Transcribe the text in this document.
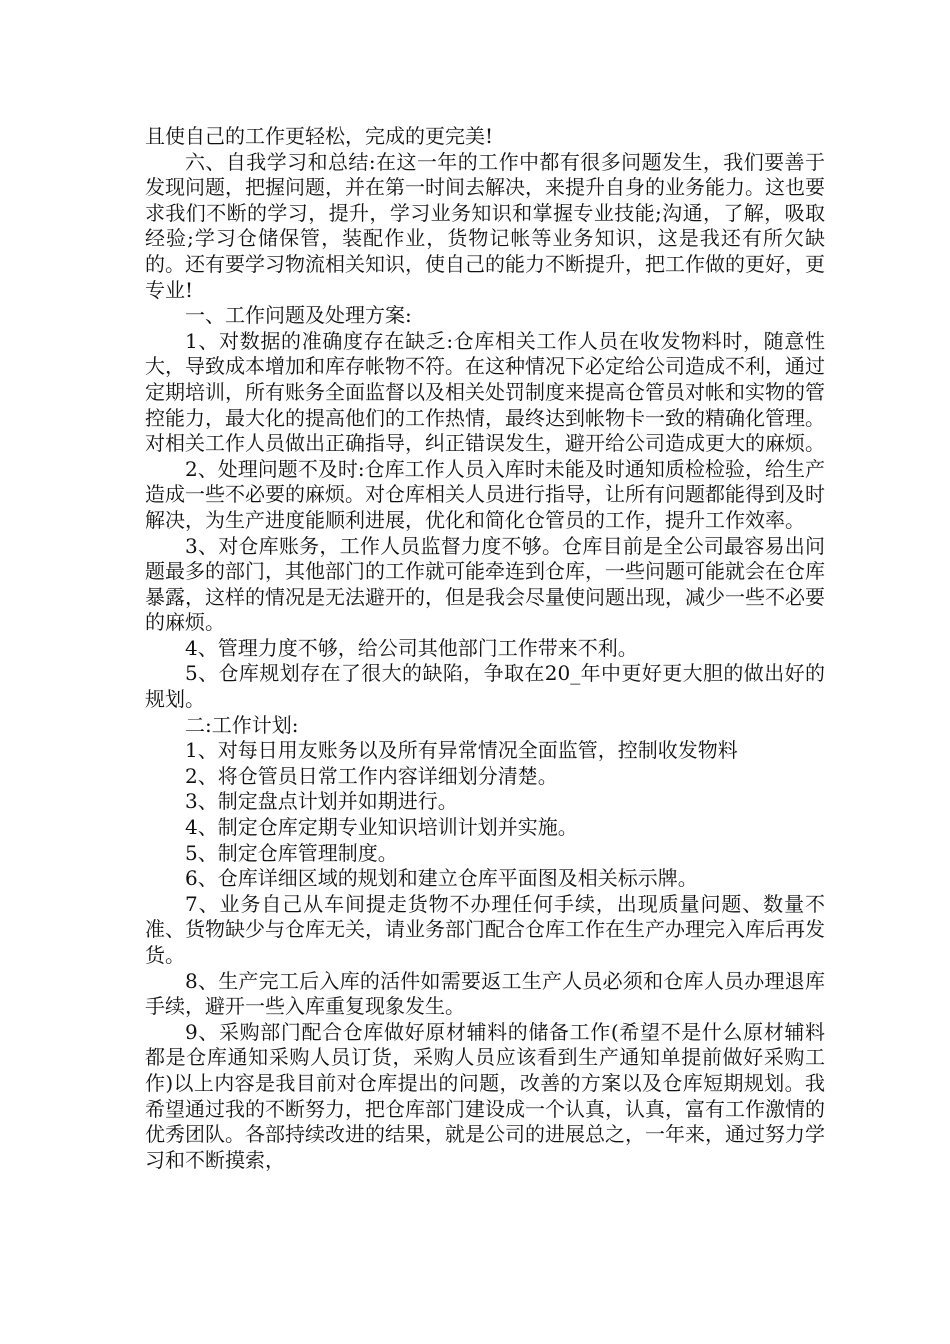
且使自己的工作更轻松，完成的更完美!

六、自我学习和总结:在这一年的工作中都有很多问题发生，我们要善于发现问题，把握问题，并在第一时间去解决，来提升自身的业务能力。这也要求我们不断的学习，提升，学习业务知识和掌握专业技能;沟通，了解，吸取经验;学习仓储保管，装配作业，货物记帐等业务知识，这是我还有所欠缺的。还有要学习物流相关知识，使自己的能力不断提升，把工作做的更好，更专业!

一、工作问题及处理方案:

1、对数据的准确度存在缺乏:仓库相关工作人员在收发物料时，随意性大，导致成本增加和库存帐物不符。在这种情况下必定给公司造成不利，通过定期培训，所有账务全面监督以及相关处罚制度来提高仓管员对帐和实物的管控能力，最大化的提高他们的工作热情，最终达到帐物卡一致的精确化管理。对相关工作人员做出正确指导，纠正错误发生，避开给公司造成更大的麻烦。

2、处理问题不及时:仓库工作人员入库时未能及时通知质检检验，给生产造成一些不必要的麻烦。对仓库相关人员进行指导，让所有问题都能得到及时解决，为生产进度能顺利进展，优化和简化仓管员的工作，提升工作效率。

3、对仓库账务，工作人员监督力度不够。仓库目前是全公司最容易出问题最多的部门，其他部门的工作就可能牵连到仓库，一些问题可能就会在仓库暴露，这样的情况是无法避开的，但是我会尽量使问题出现，减少一些不必要的麻烦。

4、管理力度不够，给公司其他部门工作带来不利。

5、仓库规划存在了很大的缺陷，争取在20_年中更好更大胆的做出好的规划。

二:工作计划:

1、对每日用友账务以及所有异常情况全面监管，控制收发物料

2、将仓管员日常工作内容详细划分清楚。

3、制定盘点计划并如期进行。

4、制定仓库定期专业知识培训计划并实施。

5、制定仓库管理制度。

6、仓库详细区域的规划和建立仓库平面图及相关标示牌。

7、业务自己从车间提走货物不办理任何手续，出现质量问题、数量不准、货物缺少与仓库无关，请业务部门配合仓库工作在生产办理完入库后再发货。

8、生产完工后入库的活件如需要返工生产人员必须和仓库人员办理退库手续，避开一些入库重复现象发生。

9、采购部门配合仓库做好原材辅料的储备工作(希望不是什么原材辅料都是仓库通知采购人员订货，采购人员应该看到生产通知单提前做好采购工作)以上内容是我目前对仓库提出的问题，改善的方案以及仓库短期规划。我希望通过我的不断努力，把仓库部门建设成一个认真，认真，富有工作激情的优秀团队。各部持续改进的结果，就是公司的进展总之，一年来，通过努力学习和不断摸索，
